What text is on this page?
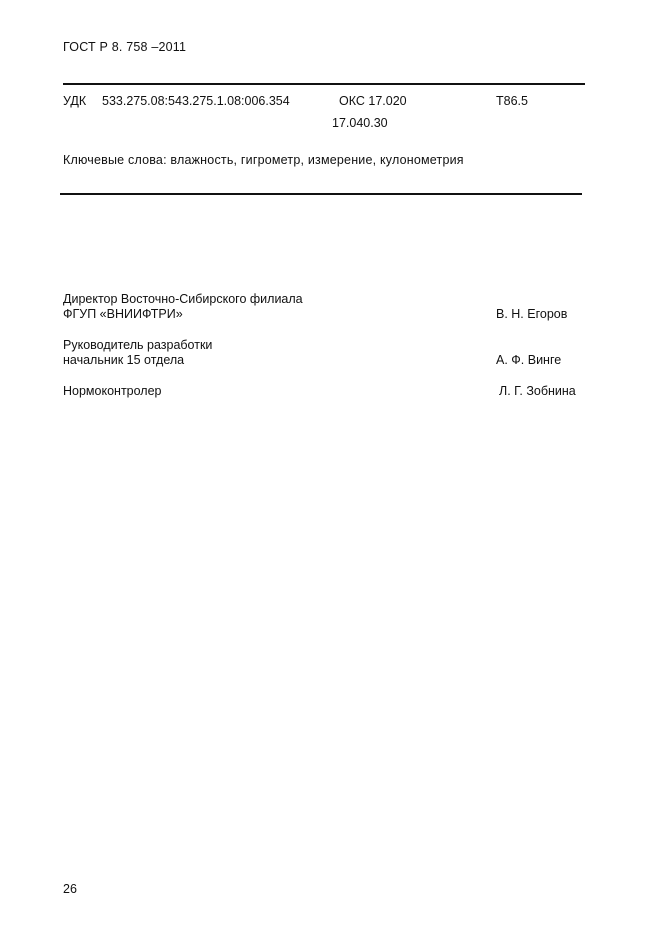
ГОСТ Р 8. 758 –2011
УДК 533.275.08:543.275.1.08:006.354	ОКС 17.020
17.040.30
Т86.5
Ключевые слова: влажность, гигрометр, измерение, кулонометрия
Директор Восточно-Сибирского филиала
ФГУП «ВНИИФТРИ»	В. Н. Егоров
Руководитель разработки
начальник 15 отдела	А. Ф. Винге
Нормоконтролер	Л. Г. Зобнина
26
